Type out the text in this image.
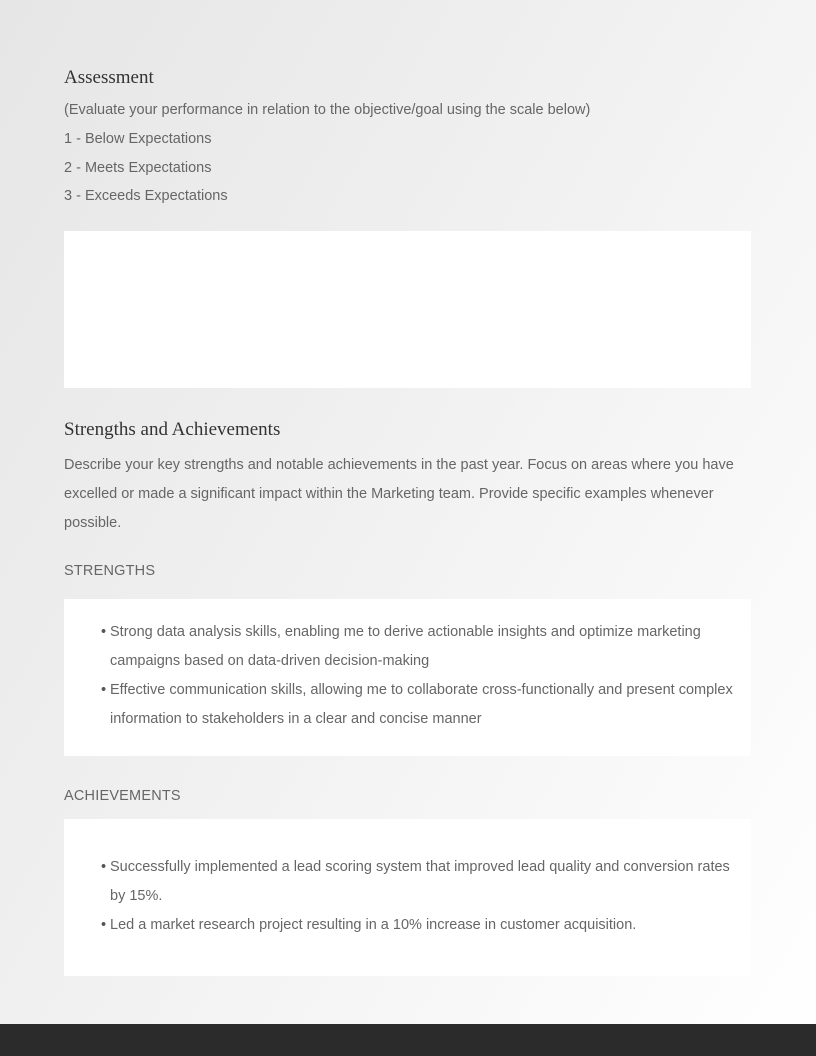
Assessment

(Evaluate your performance in relation to the objective/goal using the scale below)

1 - Below Expectations

2 - Meets Expectations

3 - Exceeds Expectations

Strengths and Achievements

Describe your key strengths and notable achievements in the past year. Focus on areas where you have excelled or made a significant impact within the Marketing team. Provide specific examples whenever possible.

STRENGTHS

• Strong data analysis skills, enabling me to derive actionable insights and optimize marketing campaigns based on data-driven decision-making
• Effective communication skills, allowing me to collaborate cross-functionally and present complex information to stakeholders in a clear and concise manner

ACHIEVEMENTS

• Successfully implemented a lead scoring system that improved lead quality and conversion rates by 15%.
• Led a market research project resulting in a 10% increase in customer acquisition.
